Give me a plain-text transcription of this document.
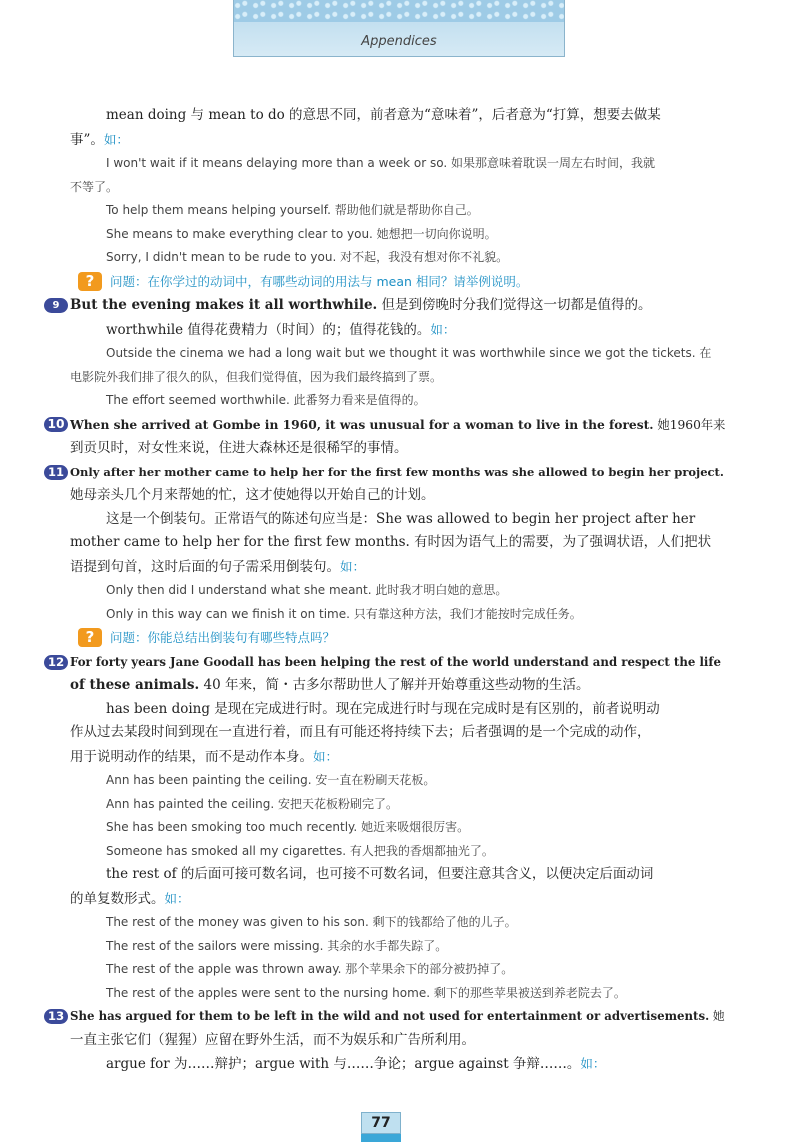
Appendices
mean doing 与 mean to do 的意思不同，前者意为“意味着”，后者意为“打算，想要去做某
事”。如：
I won't wait if it means delaying more than a week or so. 如果那意味着耽误一周左右时间，我就
不等了。
To help them means helping yourself. 帮助他们就是帮助你自己。
She means to make everything clear to you. 她想把一切向你说明。
Sorry, I didn't mean to be rude to you. 对不起，我没有想对你不礼貌。
?	问题：在你学过的动词中，有哪些动词的用法与 mean 相同？请举例说明。
9 But the evening makes it all worthwhile. 但是到傍晚时分我们觉得这一切都是值得的。
worthwhile 值得花费精力（时间）的；值得花钱的。如：
Outside the cinema we had a long wait but we thought it was worthwhile since we got the tickets. 在
电影院外我们排了很久的队，但我们觉得值，因为我们最终搞到了票。
The effort seemed worthwhile. 此番努力看来是值得的。
10 When she arrived at Gombe in 1960, it was unusual for a woman to live in the forest. 她1960年来
到贡贝时，对女性来说，住进大森林还是很稀罕的事情。
11 Only after her mother came to help her for the first few months was she allowed to begin her project.
她母亲头几个月来帮她的忙，这才使她得以开始自己的计划。
这是一个倒装句。正常语气的陈述句应当是：She was allowed to begin her project after her
mother came to help her for the first few months. 有时因为语气上的需要，为了强调状语，人们把状
语提到句首，这时后面的句子需采用倒装句。如：
Only then did I understand what she meant. 此时我才明白她的意思。
Only in this way can we finish it on time. 只有靠这种方法，我们才能按时完成任务。
?	问题：你能总结出倒装句有哪些特点吗？
12 For forty years Jane Goodall has been helping the rest of the world understand and respect the life
of these animals. 40 年来，简・古多尔帮助世人了解并开始尊重这些动物的生活。
has been doing 是现在完成进行时。现在完成进行时与现在完成时是有区别的，前者说明动
作从过去某段时间到现在一直进行着，而且有可能还将持续下去；后者强调的是一个完成的动作，
用于说明动作的结果，而不是动作本身。如：
Ann has been painting the ceiling. 安一直在粉刷天花板。
Ann has painted the ceiling. 安把天花板粉刷完了。
She has been smoking too much recently. 她近来吸烟很厉害。
Someone has smoked all my cigarettes. 有人把我的香烟都抽光了。
the rest of 的后面可接可数名词，也可接不可数名词，但要注意其含义，以便决定后面动词
的单复数形式。如：
The rest of the money was given to his son. 剩下的钱都给了他的儿子。
The rest of the sailors were missing. 其余的水手都失踪了。
The rest of the apple was thrown away. 那个苹果余下的部分被扔掉了。
The rest of the apples were sent to the nursing home. 剩下的那些苹果被送到养老院去了。
13 She has argued for them to be left in the wild and not used for entertainment or advertisements. 她
一直主张它们（猩猩）应留在野外生活，而不为娱乐和广告所利用。
argue for 为……辩护；argue with 与……争论；argue against 争辩……。如：
77
